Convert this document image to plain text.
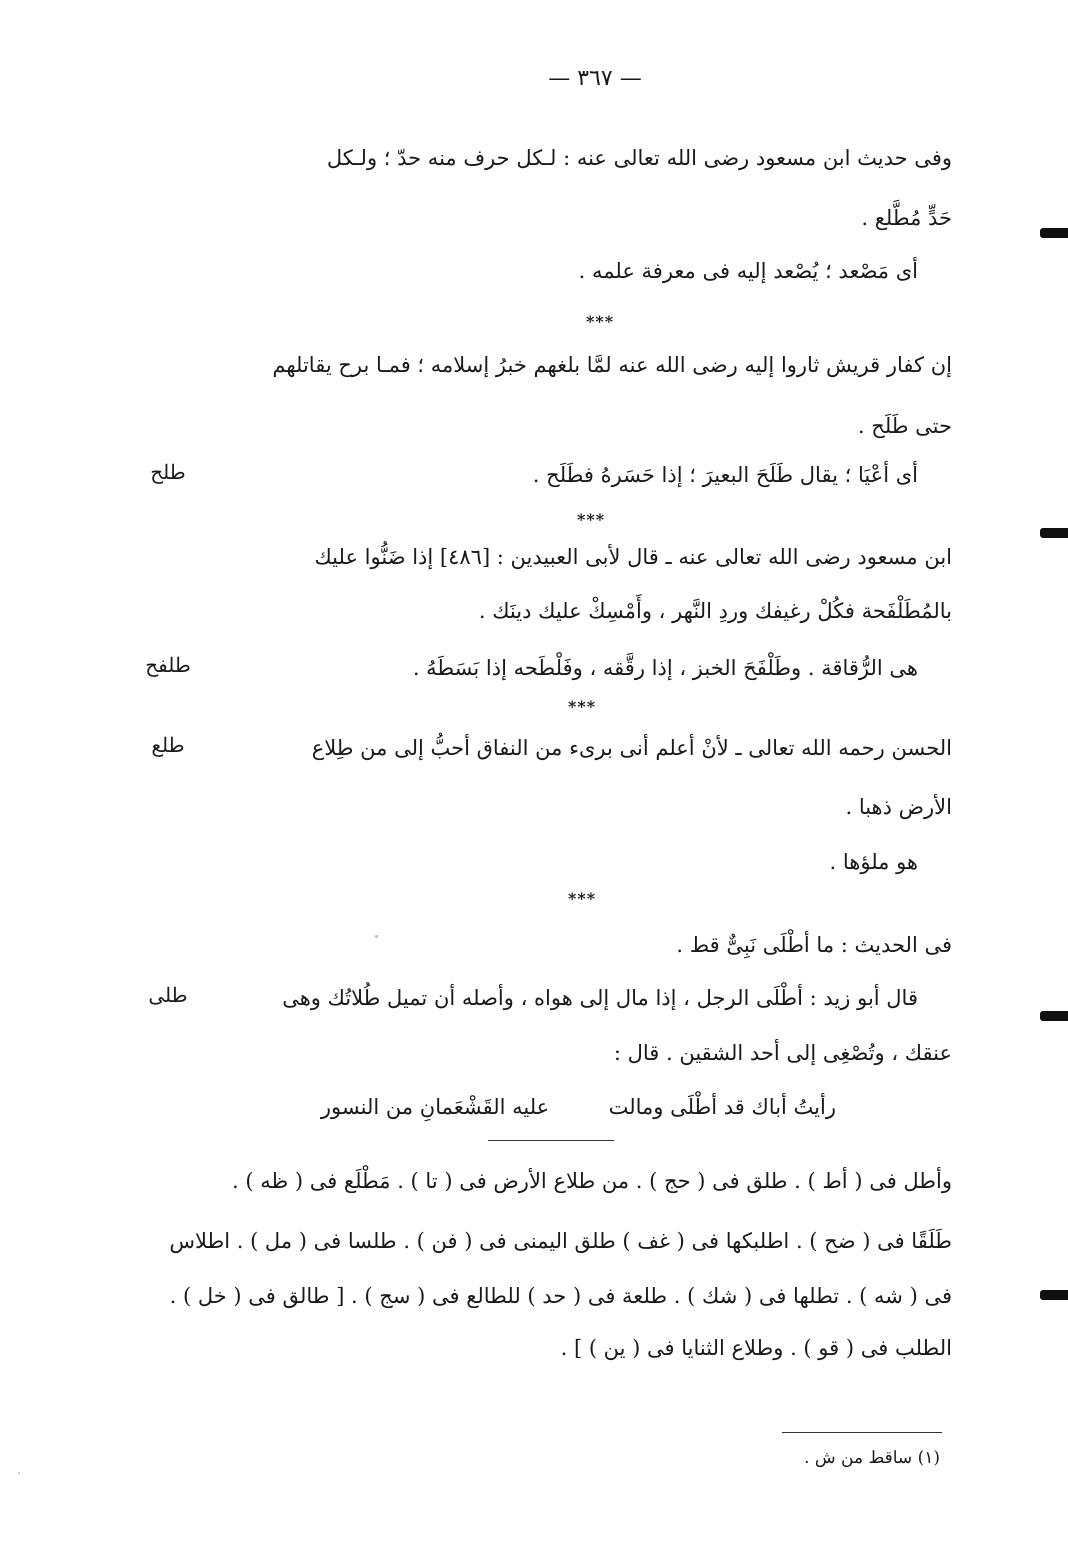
— ٣٦٧ —
وفى حديث ابن مسعود رضى الله تعالى عنه : لـكل حرف منه حدّ ؛ ولـكل
حَدٍّ مُطَّلع .
أى مَصْعد ؛ يُصْعد إليه فى معرفة علمه .
***
إن كفار قريش ثاروا إليه رضى الله عنه لمَّا بلغهم خبرُ إسلامه ؛ فمـا برح يقاتلهم
حتى طَلَح .
أى أعْيَا ؛ يقال طَلَحَ البعيرَ ؛ إذا حَسَرهُ فطَلَح .
طلح
***
ابن مسعود رضى الله تعالى عنه ـ قال لأبى العبيدين : [٤٨٦] إذا ضَنُّوا عليك
بالمُطَلْفَحة فكُلْ رغيفك وردِ النَّهر ، وأَمْسِكْ عليك دينَك .
هى الرُّقاقة . وطَلْفَحَ الخبز ، إذا رقَّقه ، وفَلْطَحه إذا بَسَطَهُ .
طلفح
***
الحسن رحمه الله تعالى ـ لأنْ أعلم أنى برىء من النفاق أحبُّ إلى من طِلاع
طلع
الأرض ذهبا .
هو ملؤها .
***
فى الحديث : ما أطْلَى نَبِىٌّ قط .
قال أبو زيد : أطْلَى الرجل ، إذا مال إلى هواه ، وأصله أن تميل طُلاتُك وهى
طلى
عنقك ، وتُصْغِى إلى أحد الشقين . قال :
رأيتُ أباك قد أطْلَى ومالت  عليه القَشْعَمانِ من النسور
وأطل فى ( أط ) . طلق فى ( حج ) . من طلاع الأرض فى ( تا ) . مَطْلَع فى ( ظه ) .
طَلَقًا فى ( ضح ) . اطلبكها فى ( غف ) طلق اليمنى فى ( فن ) . طلسا فى ( مل ) . اطلاس
فى ( شه ) . تطلها فى ( شك ) . طلعة فى ( حد ) للطالع فى ( سج ) . [ طالق فى ( خل ) .
الطلب فى ( قو ) . وطلاع الثنايا فى ( ين ) ] .
(١) ساقط من ش .
